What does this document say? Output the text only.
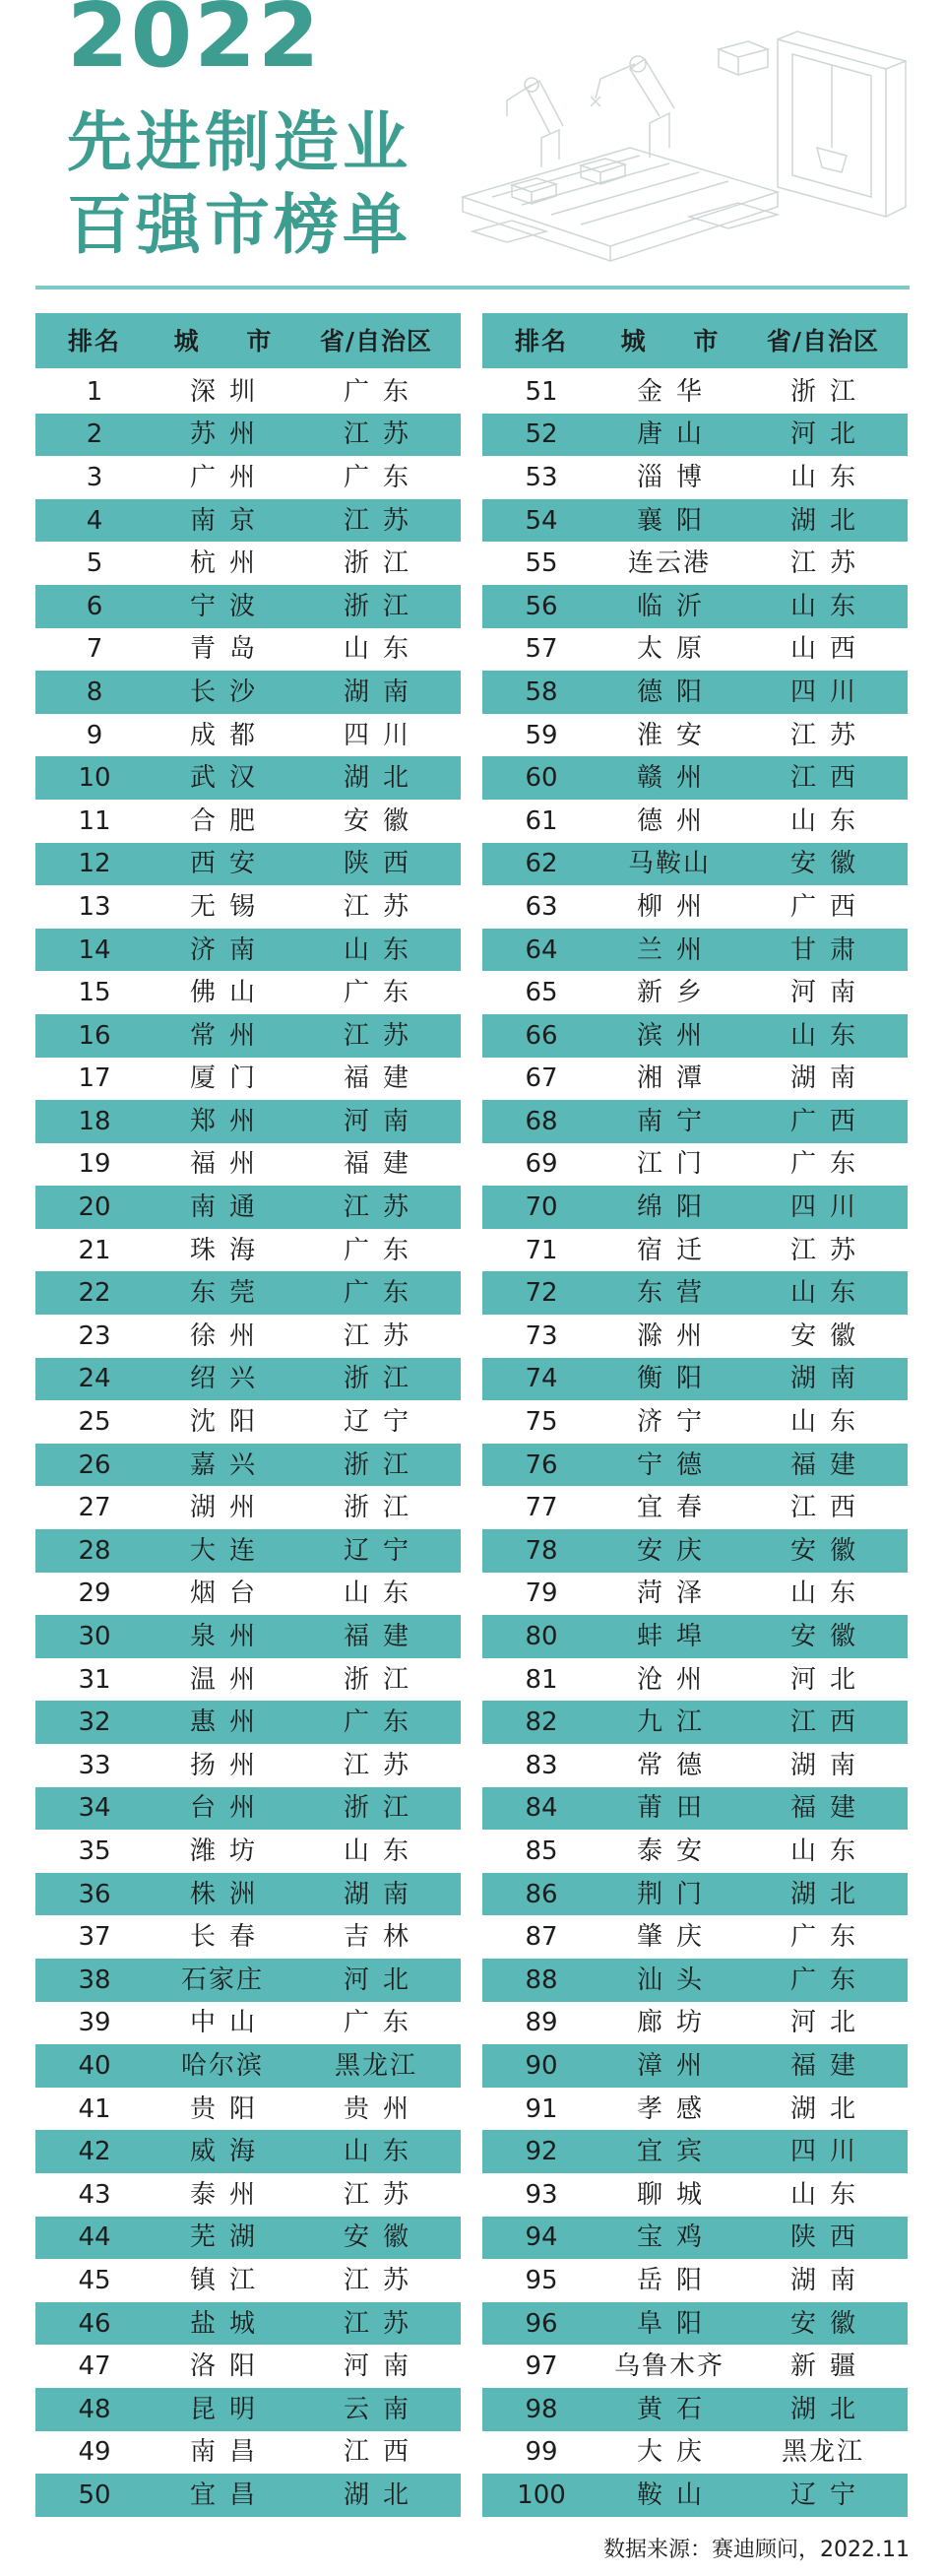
2022
先进制造业
百强市榜单
排名	城 市	省/自治区
1	深圳	广东
2	苏州	江苏
3	广州	广东
4	南京	江苏
5	杭州	浙江
6	宁波	浙江
7	青岛	山东
8	长沙	湖南
9	成都	四川
10	武汉	湖北
11	合肥	安徽
12	西安	陕西
13	无锡	江苏
14	济南	山东
15	佛山	广东
16	常州	江苏
17	厦门	福建
18	郑州	河南
19	福州	福建
20	南通	江苏
21	珠海	广东
22	东莞	广东
23	徐州	江苏
24	绍兴	浙江
25	沈阳	辽宁
26	嘉兴	浙江
27	湖州	浙江
28	大连	辽宁
29	烟台	山东
30	泉州	福建
31	温州	浙江
32	惠州	广东
33	扬州	江苏
34	台州	浙江
35	潍坊	山东
36	株洲	湖南
37	长春	吉林
38	石家庄	河北
39	中山	广东
40	哈尔滨	黑龙江
41	贵阳	贵州
42	威海	山东
43	泰州	江苏
44	芜湖	安徽
45	镇江	江苏
46	盐城	江苏
47	洛阳	河南
48	昆明	云南
49	南昌	江西
50	宜昌	湖北
排名	城 市	省/自治区
51	金华	浙江
52	唐山	河北
53	淄博	山东
54	襄阳	湖北
55	连云港	江苏
56	临沂	山东
57	太原	山西
58	德阳	四川
59	淮安	江苏
60	赣州	江西
61	德州	山东
62	马鞍山	安徽
63	柳州	广西
64	兰州	甘肃
65	新乡	河南
66	滨州	山东
67	湘潭	湖南
68	南宁	广西
69	江门	广东
70	绵阳	四川
71	宿迁	江苏
72	东营	山东
73	滁州	安徽
74	衡阳	湖南
75	济宁	山东
76	宁德	福建
77	宜春	江西
78	安庆	安徽
79	菏泽	山东
80	蚌埠	安徽
81	沧州	河北
82	九江	江西
83	常德	湖南
84	莆田	福建
85	泰安	山东
86	荆门	湖北
87	肇庆	广东
88	汕头	广东
89	廊坊	河北
90	漳州	福建
91	孝感	湖北
92	宜宾	四川
93	聊城	山东
94	宝鸡	陕西
95	岳阳	湖南
96	阜阳	安徽
97	乌鲁木齐	新疆
98	黄石	湖北
99	大庆	黑龙江
100	鞍山	辽宁
数据来源：赛迪顾问，2022.11
